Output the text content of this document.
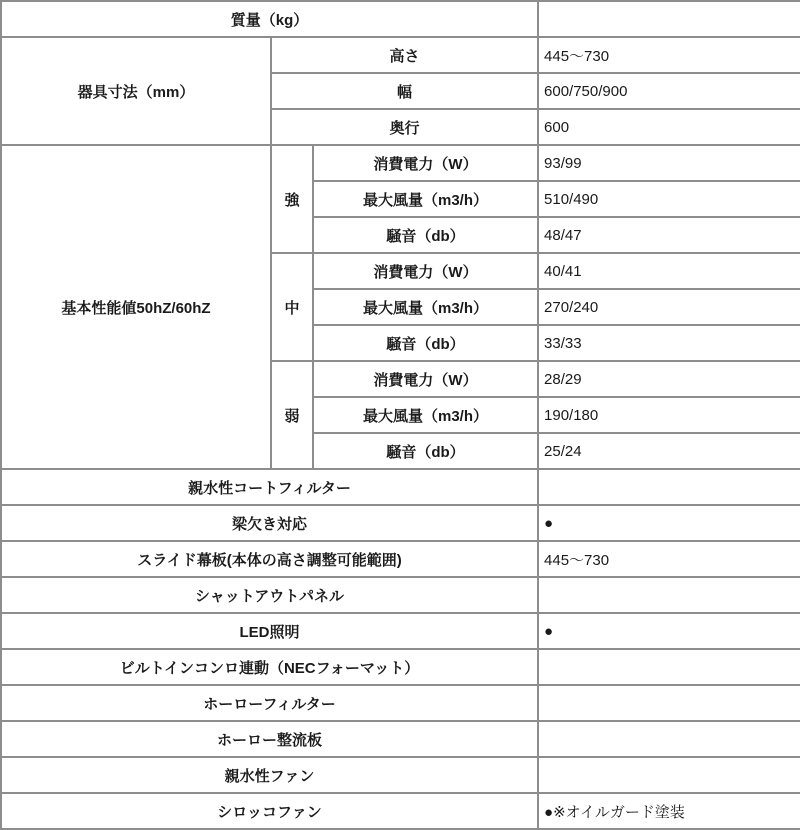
質量（kg）			
器具寸法（mm）	高さ		445～730
	幅		600/750/900
	奥行		600
基本性能値50hZ/60hZ	強	消費電力（W）	93/99
		最大風量（m3/h）	510/490
		騒音（db）	48/47
	中	消費電力（W）	40/41
		最大風量（m3/h）	270/240
		騒音（db）	33/33
	弱	消費電力（W）	28/29
		最大風量（m3/h）	190/180
		騒音（db）	25/24
親水性コートフィルター			
梁欠き対応			●
スライド幕板(本体の高さ調整可能範囲)			445～730
シャットアウトパネル			
LED照明			●
ビルトインコンロ連動（NECフォーマット）			
ホーローフィルター			
ホーロー整流板			
親水性ファン			
シロッコファン			●※オイルガード塗装
